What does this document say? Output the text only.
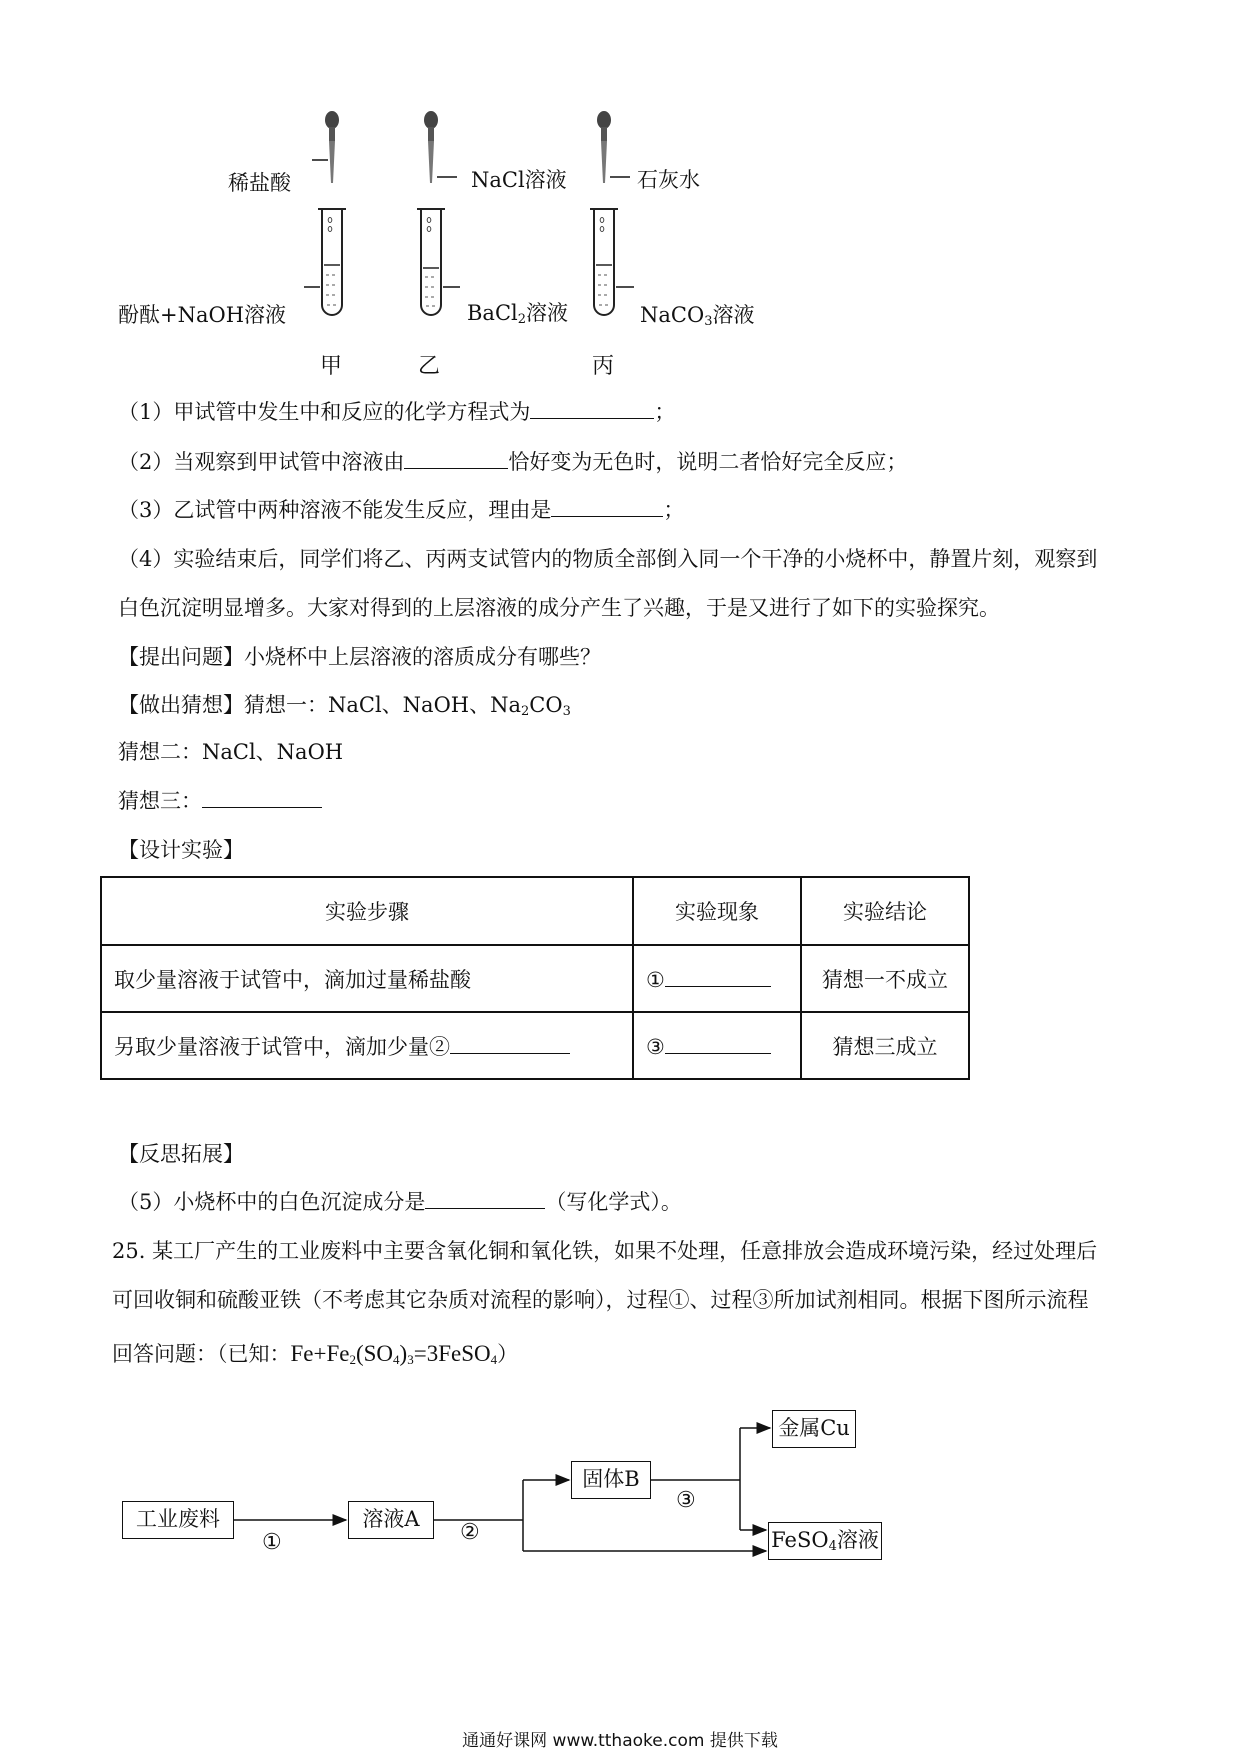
稀盐酸	NaCl溶液	石灰水
酚酞+NaOH溶液	BaCl$_2$溶液	NaCO$_3$溶液
甲	乙	丙
（1）甲试管中发生中和反应的化学方程式为	；
（2）当观察到甲试管中溶液由	恰好变为无色时，说明二者恰好完全反应；
（3）乙试管中两种溶液不能发生反应，理由是	；
（4）实验结束后，同学们将乙、丙两支试管内的物质全部倒入同一个干净的小烧杯中，静置片刻，观察到
白色沉淀明显增多。大家对得到的上层溶液的成分产生了兴趣，于是又进行了如下的实验探究。
【提出问题】小烧杯中上层溶液的溶质成分有哪些？
【做出猜想】猜想一：NaCl、NaOH、$Na_2CO_3$
猜想二：NaCl、NaOH
猜想三：
【设计实验】
实验步骤	实验现象	实验结论
取少量溶液于试管中，滴加过量稀盐酸	①	猜想一不成立
另取少量溶液于试管中，滴加少量②	③	猜想三成立
【反思拓展】
（5）小烧杯中的白色沉淀成分是	（写化学式）。
25. 某工厂产生的工业废料中主要含氧化铜和氧化铁，如果不处理，任意排放会造成环境污染，经过处理后
可回收铜和硫酸亚铁（不考虑其它杂质对流程的影响），过程①、过程③所加试剂相同。根据下图所示流程
回答问题：（已知：$Fe+Fe_2(SO_4)_3=3FeSO_4$）
工业废料	溶液A
固体B
金属Cu
FeSO$_4$溶液
①	②
③
通通好课网 www.tthaoke.com 提供下载
